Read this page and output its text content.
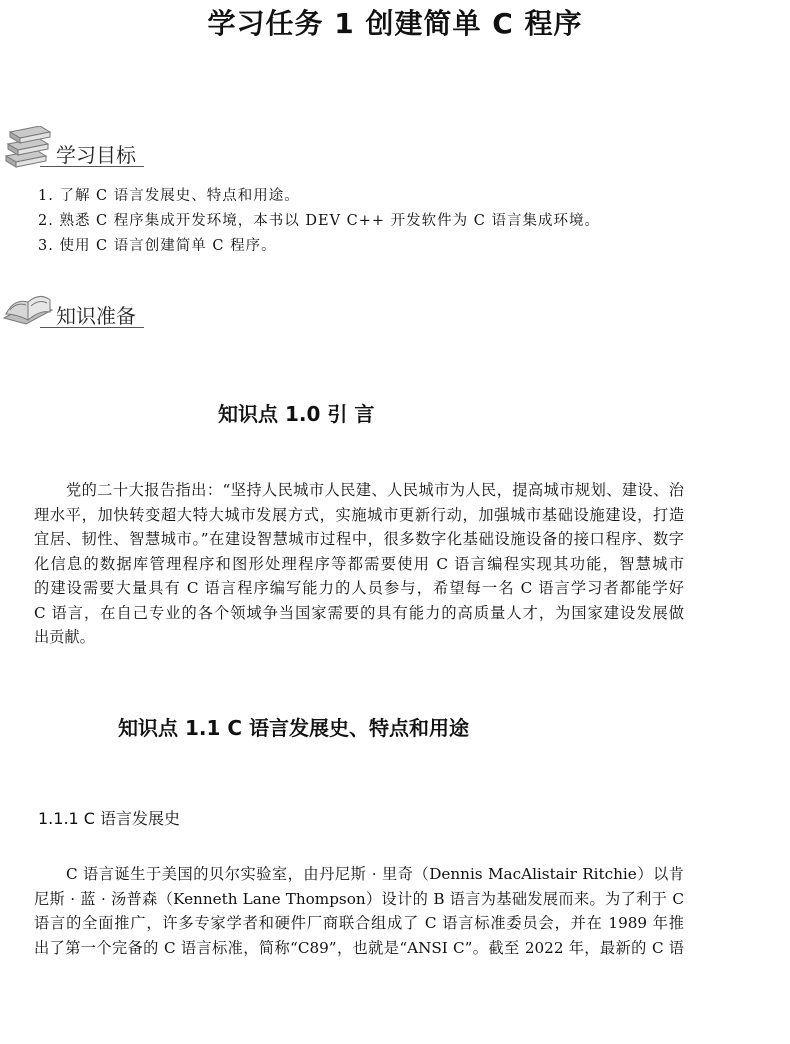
学习任务 1 创建简单 C 程序
学习目标
1. 了解 C 语言发展史、特点和用途。
2. 熟悉 C 程序集成开发环境，本书以 DEV C++ 开发软件为 C 语言集成环境。
3. 使用 C 语言创建简单 C 程序。
知识准备
知识点 1.0 引 言
党的二十大报告指出：“坚持人民城市人民建、人民城市为人民，提高城市规划、建设、治
理水平，加快转变超大特大城市发展方式，实施城市更新行动，加强城市基础设施建设，打造
宜居、韧性、智慧城市。”在建设智慧城市过程中，很多数字化基础设施设备的接口程序、数字
化信息的数据库管理程序和图形处理程序等都需要使用 C 语言编程实现其功能，智慧城市
的建设需要大量具有 C 语言程序编写能力的人员参与，希望每一名 C 语言学习者都能学好
C 语言，在自己专业的各个领域争当国家需要的具有能力的高质量人才，为国家建设发展做
出贡献。
知识点 1.1 C 语言发展史、特点和用途
1.1.1 C 语言发展史
C 语言诞生于美国的贝尔实验室，由丹尼斯 · 里奇（Dennis MacAlistair Ritchie）以肯
尼斯 · 蓝 · 汤普森（Kenneth Lane Thompson）设计的 B 语言为基础发展而来。为了利于 C
语言的全面推广，许多专家学者和硬件厂商联合组成了 C 语言标准委员会，并在 1989 年推
出了第一个完备的 C 语言标准，简称“C89”，也就是“ANSI C”。截至 2022 年，最新的 C 语
